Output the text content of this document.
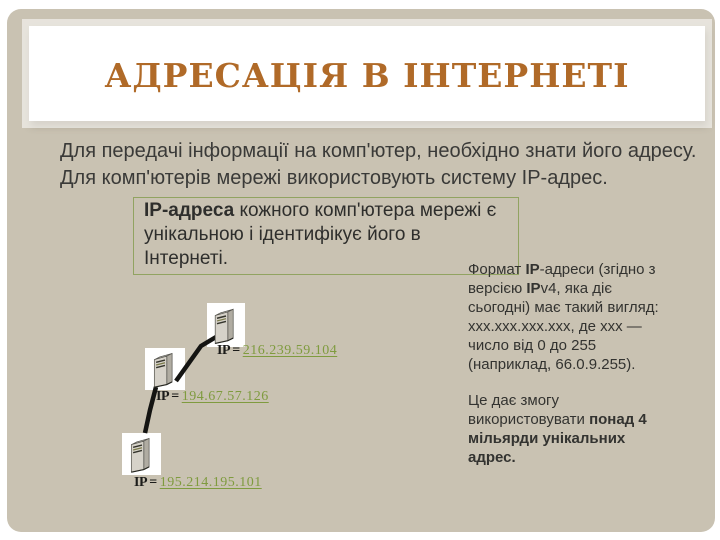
АДРЕСАЦІЯ В ІНТЕРНЕТІ
Для передачі інформації на комп'ютер, необхідно знати його адресу.
Для комп'ютерів мережі використовують систему IP-адрес.
IP-адреса кожного комп'ютера мережі є
унікальною і ідентифікує його в Інтернеті.
IP = 216.239.59.104
IP = 194.67.57.126
IP = 195.214.195.101
Формат IP-адреси (згідно з
версією IPv4, яка діє
сьогодні) має такий вигляд:
xxx.xxx.xxx.xxx, де xxx —
число від 0 до 255
(наприклад, 66.0.9.255).
Це дає змогу
використовувати понад 4
мільярди унікальних
адрес.
